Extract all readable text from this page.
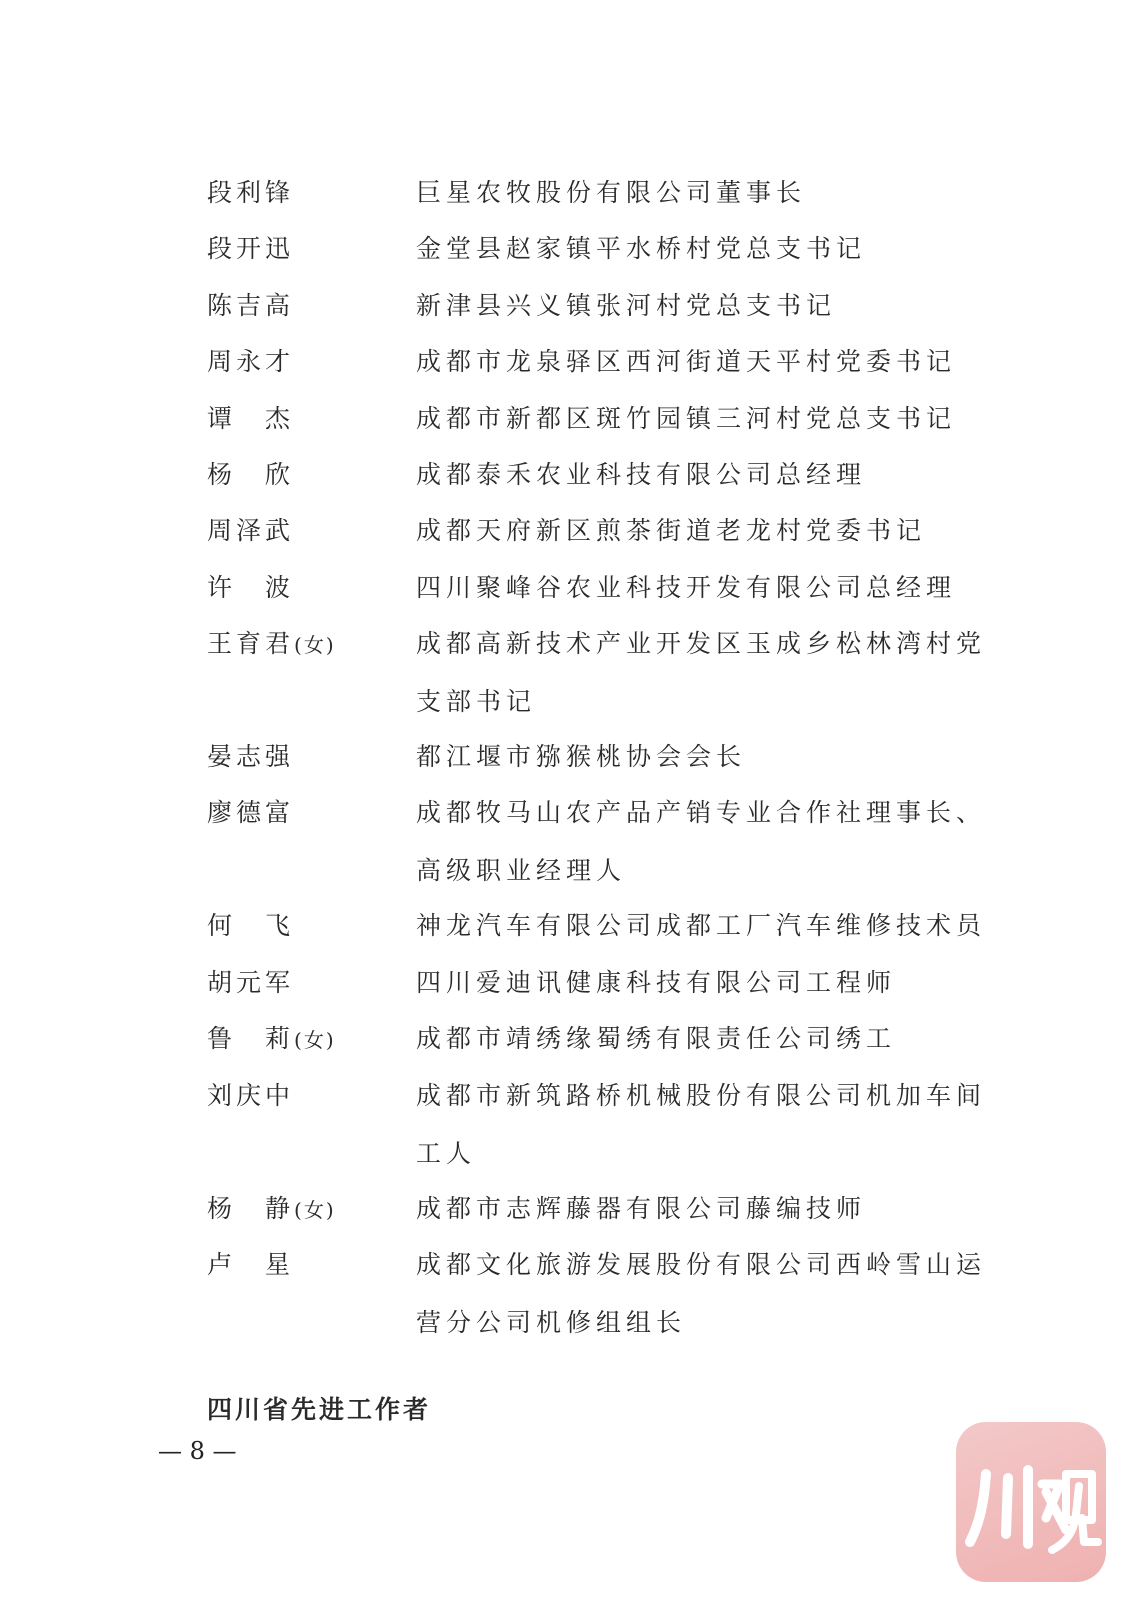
段利锋	巨星农牧股份有限公司董事长
段开迅	金堂县赵家镇平水桥村党总支书记
陈吉高	新津县兴义镇张河村党总支书记
周永才	成都市龙泉驿区西河街道天平村党委书记
谭　杰	成都市新都区斑竹园镇三河村党总支书记
杨　欣	成都泰禾农业科技有限公司总经理
周泽武	成都天府新区煎茶街道老龙村党委书记
许　波	四川聚峰谷农业科技开发有限公司总经理
王育君(女)	成都高新技术产业开发区玉成乡松林湾村党支部书记
晏志强	都江堰市猕猴桃协会会长
廖德富	成都牧马山农产品产销专业合作社理事长、高级职业经理人
何　飞	神龙汽车有限公司成都工厂汽车维修技术员
胡元军	四川爱迪讯健康科技有限公司工程师
鲁　莉(女)	成都市靖绣缘蜀绣有限责任公司绣工
刘庆中	成都市新筑路桥机械股份有限公司机加车间工人
杨　静(女)	成都市志辉藤器有限公司藤编技师
卢　星	成都文化旅游发展股份有限公司西岭雪山运营分公司机修组组长
四川省先进工作者
— 8 —
